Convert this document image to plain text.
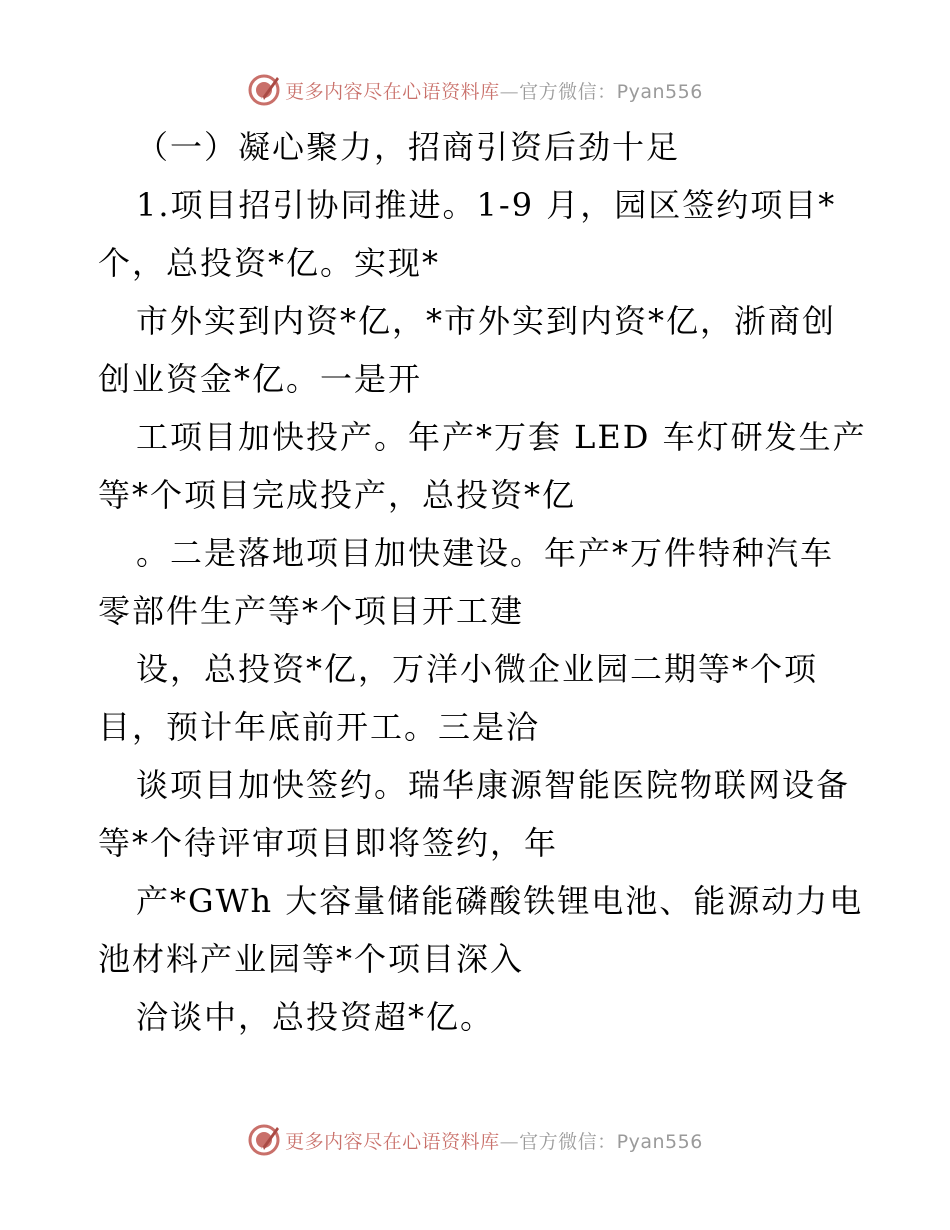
更多内容尽在心语资料库—官方微信：Pyan556
（一）凝心聚力，招商引资后劲十足
1.项目招引协同推进。1-9 月，园区签约项目*
个，总投资*亿。实现*
市外实到内资*亿，*市外实到内资*亿，浙商创
创业资金*亿。一是开
工项目加快投产。年产*万套 LED 车灯研发生产
等*个项目完成投产，总投资*亿
。二是落地项目加快建设。年产*万件特种汽车
零部件生产等*个项目开工建
设，总投资*亿，万洋小微企业园二期等*个项
目，预计年底前开工。三是洽
谈项目加快签约。瑞华康源智能医院物联网设备
等*个待评审项目即将签约，年
产*GWh 大容量储能磷酸铁锂电池、能源动力电
池材料产业园等*个项目深入
洽谈中，总投资超*亿。
更多内容尽在心语资料库—官方微信：Pyan556
